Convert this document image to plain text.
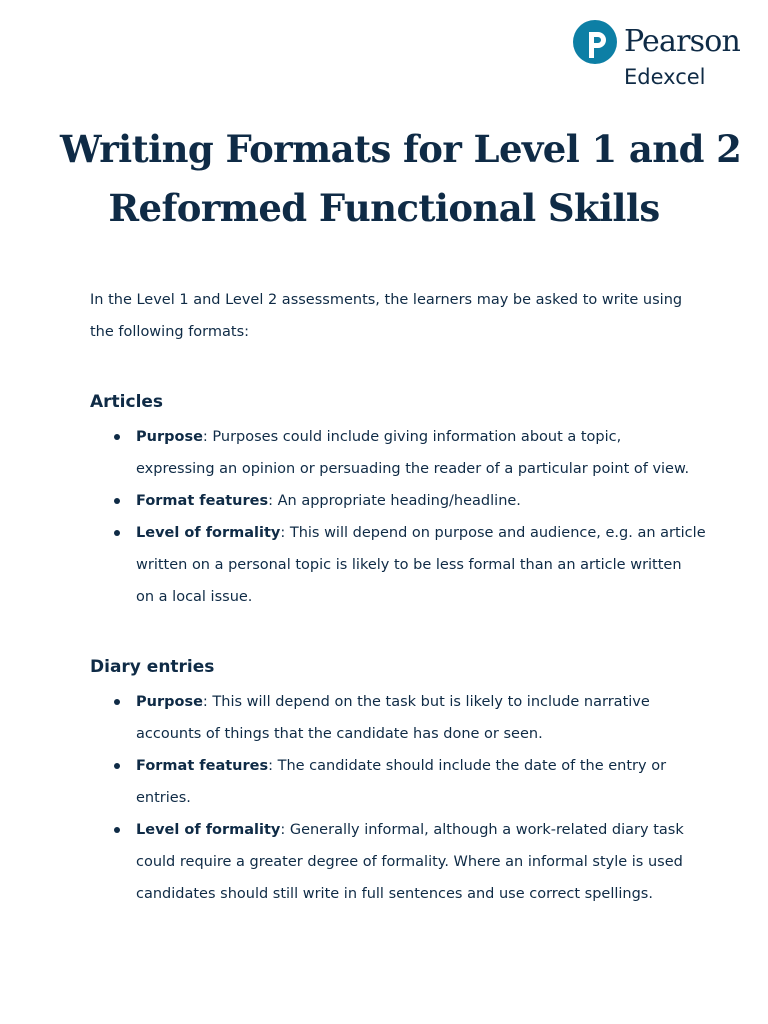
Pearson
Edexcel
Writing Formats for Level 1 and 2
Reformed Functional Skills

In the Level 1 and Level 2 assessments, the learners may be asked to write using
the following formats:

Articles
Purpose: Purposes could include giving information about a topic,
expressing an opinion or persuading the reader of a particular point of view.
Format features: An appropriate heading/headline.
Level of formality: This will depend on purpose and audience, e.g. an article
written on a personal topic is likely to be less formal than an article written
on a local issue.
Diary entries
Purpose: This will depend on the task but is likely to include narrative
accounts of things that the candidate has done or seen.
Format features: The candidate should include the date of the entry or
entries.
Level of formality: Generally informal, although a work-related diary task
could require a greater degree of formality. Where an informal style is used
candidates should still write in full sentences and use correct spellings.
